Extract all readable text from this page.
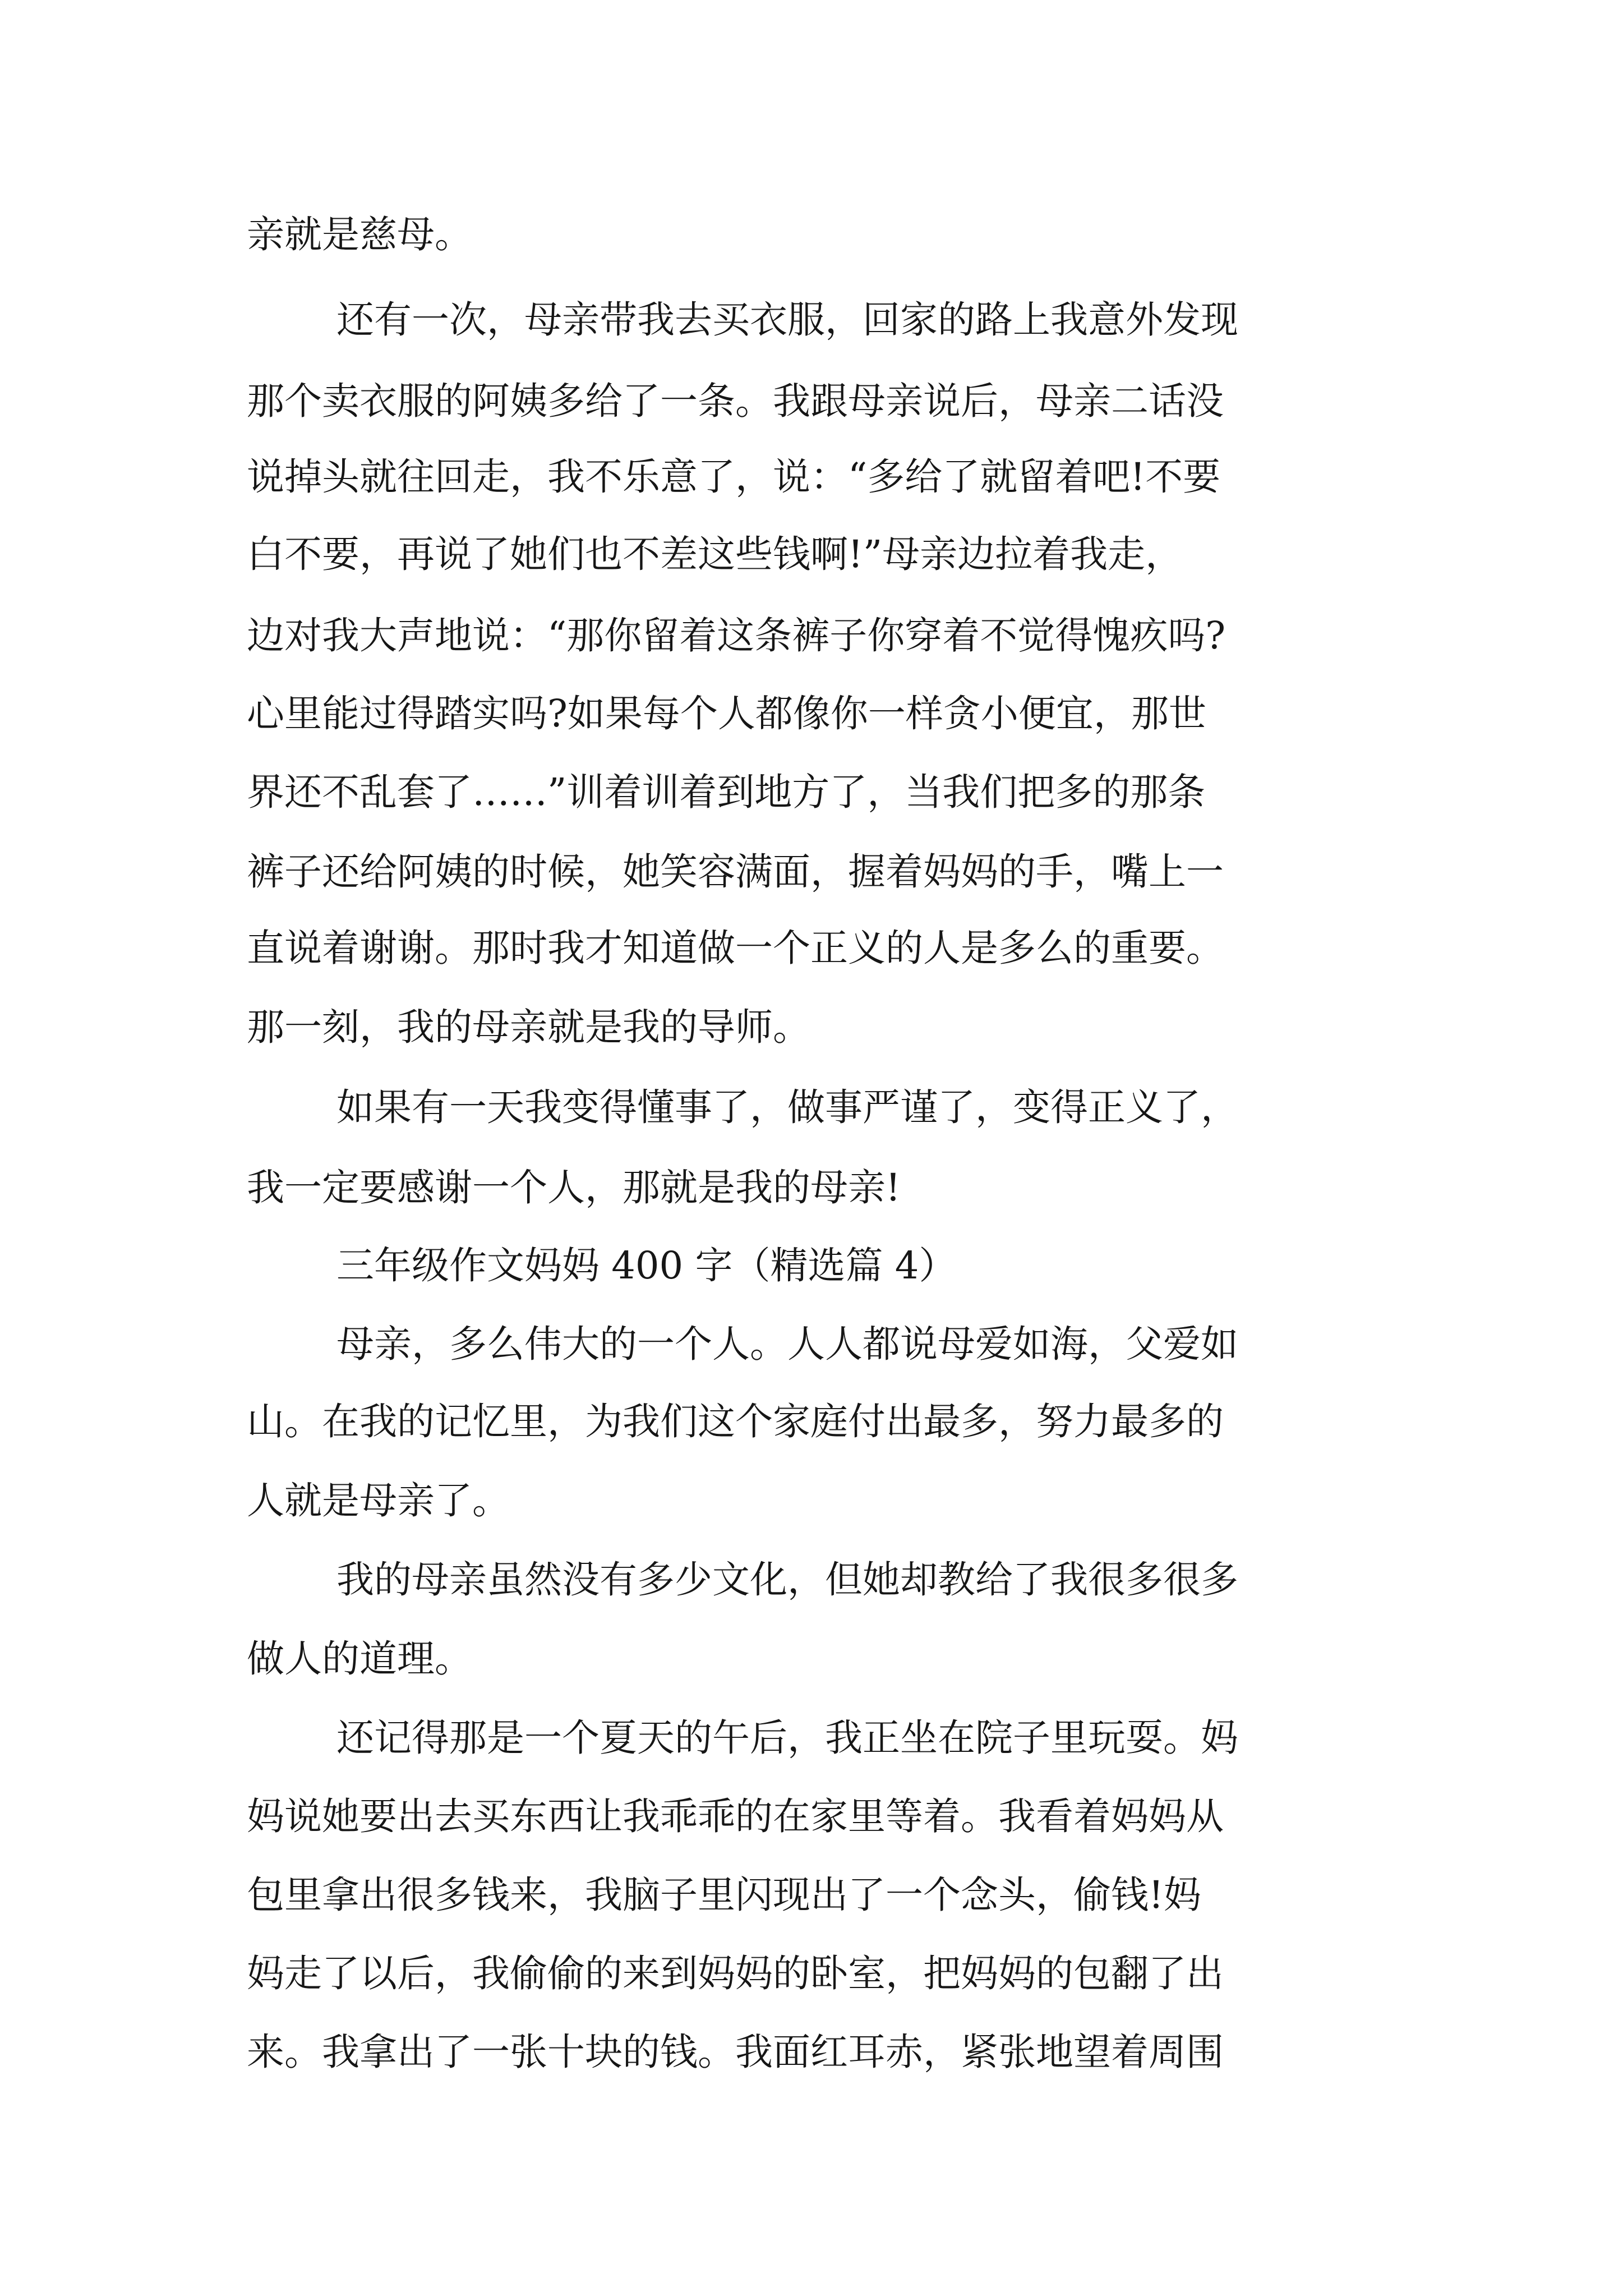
亲就是慈母。

还有一次，母亲带我去买衣服，回家的路上我意外发现

那个卖衣服的阿姨多给了一条。我跟母亲说后，母亲二话没

说掉头就往回走，我不乐意了，说：“多给了就留着吧!不要

白不要，再说了她们也不差这些钱啊!”母亲边拉着我走，

边对我大声地说：“那你留着这条裤子你穿着不觉得愧疚吗?

心里能过得踏实吗?如果每个人都像你一样贪小便宜，那世

界还不乱套了……”训着训着到地方了，当我们把多的那条

裤子还给阿姨的时候，她笑容满面，握着妈妈的手，嘴上一

直说着谢谢。那时我才知道做一个正义的人是多么的重要。

那一刻，我的母亲就是我的导师。

如果有一天我变得懂事了，做事严谨了，变得正义了，

我一定要感谢一个人，那就是我的母亲!

三年级作文妈妈 400 字（精选篇 4）

母亲，多么伟大的一个人。人人都说母爱如海，父爱如

山。在我的记忆里，为我们这个家庭付出最多，努力最多的

人就是母亲了。

我的母亲虽然没有多少文化，但她却教给了我很多很多

做人的道理。

还记得那是一个夏天的午后，我正坐在院子里玩耍。妈

妈说她要出去买东西让我乖乖的在家里等着。我看着妈妈从

包里拿出很多钱来，我脑子里闪现出了一个念头，偷钱!妈

妈走了以后，我偷偷的来到妈妈的卧室，把妈妈的包翻了出

来。我拿出了一张十块的钱。我面红耳赤，紧张地望着周围
